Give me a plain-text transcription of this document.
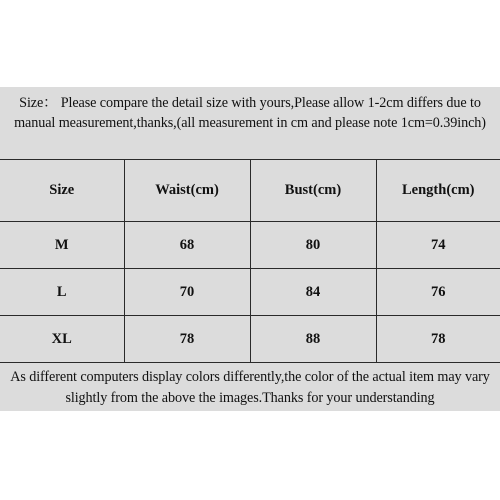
Size： Please compare the detail size with yours,Please allow 1-2cm differs due to manual measurement,thanks,(all measurement in cm and please note 1cm=0.39inch)
Size	Waist(cm)	Bust(cm)	Length(cm)
M	68	80	74
L	70	84	76
XL	78	88	78
As different computers display colors differently,the color of the actual item may vary slightly from the above the images.Thanks for your understanding
